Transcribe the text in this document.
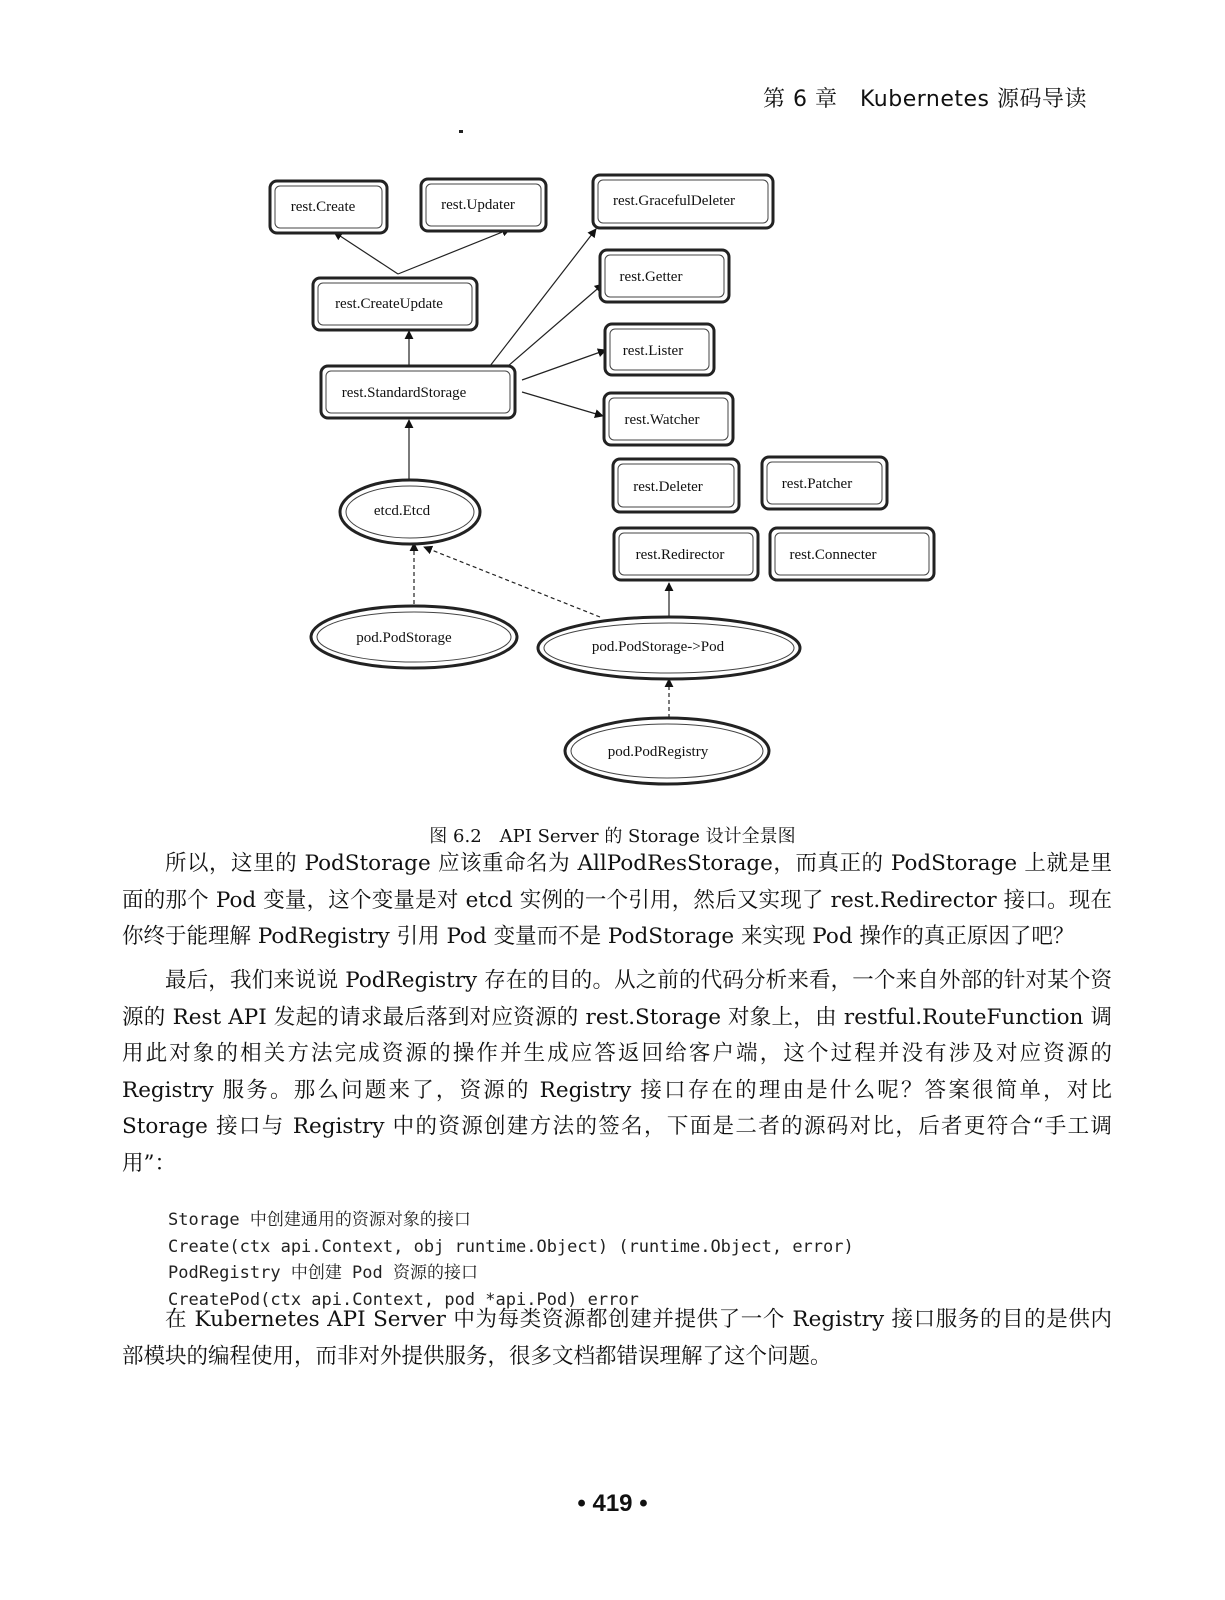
第 6 章　Kubernetes 源码导读
rest.Create	rest.Updater	rest.GracefulDeleter
rest.CreateUpdate
rest.Getter
rest.Lister
rest.StandardStorage
rest.Watcher
rest.Deleter	rest.Patcher
rest.Redirector	rest.Connecter
etcd.Etcd
pod.PodStorage
pod.PodStorage->Pod
pod.PodRegistry
图 6.2　API Server 的 Storage 设计全景图

所以，这里的 PodStorage 应该重命名为 AllPodResStorage，而真正的 PodStorage 上就是里面的那个 Pod 变量，这个变量是对 etcd 实例的一个引用，然后又实现了 rest.Redirector 接口。现在你终于能理解 PodRegistry 引用 Pod 变量而不是 PodStorage 来实现 Pod 操作的真正原因了吧？

最后，我们来说说 PodRegistry 存在的目的。从之前的代码分析来看，一个来自外部的针对某个资源的 Rest API 发起的请求最后落到对应资源的 rest.Storage 对象上，由 restful.RouteFunction 调用此对象的相关方法完成资源的操作并生成应答返回给客户端，这个过程并没有涉及对应资源的 Registry 服务。那么问题来了，资源的 Registry 接口存在的理由是什么呢？答案很简单，对比 Storage 接口与 Registry 中的资源创建方法的签名，下面是二者的源码对比，后者更符合“手工调用”：

Storage 中创建通用的资源对象的接口
Create(ctx api.Context, obj runtime.Object) (runtime.Object, error)
PodRegistry 中创建 Pod 资源的接口
CreatePod(ctx api.Context, pod *api.Pod) error

在 Kubernetes API Server 中为每类资源都创建并提供了一个 Registry 接口服务的目的是供内部模块的编程使用，而非对外提供服务，很多文档都错误理解了这个问题。

• 419 •
